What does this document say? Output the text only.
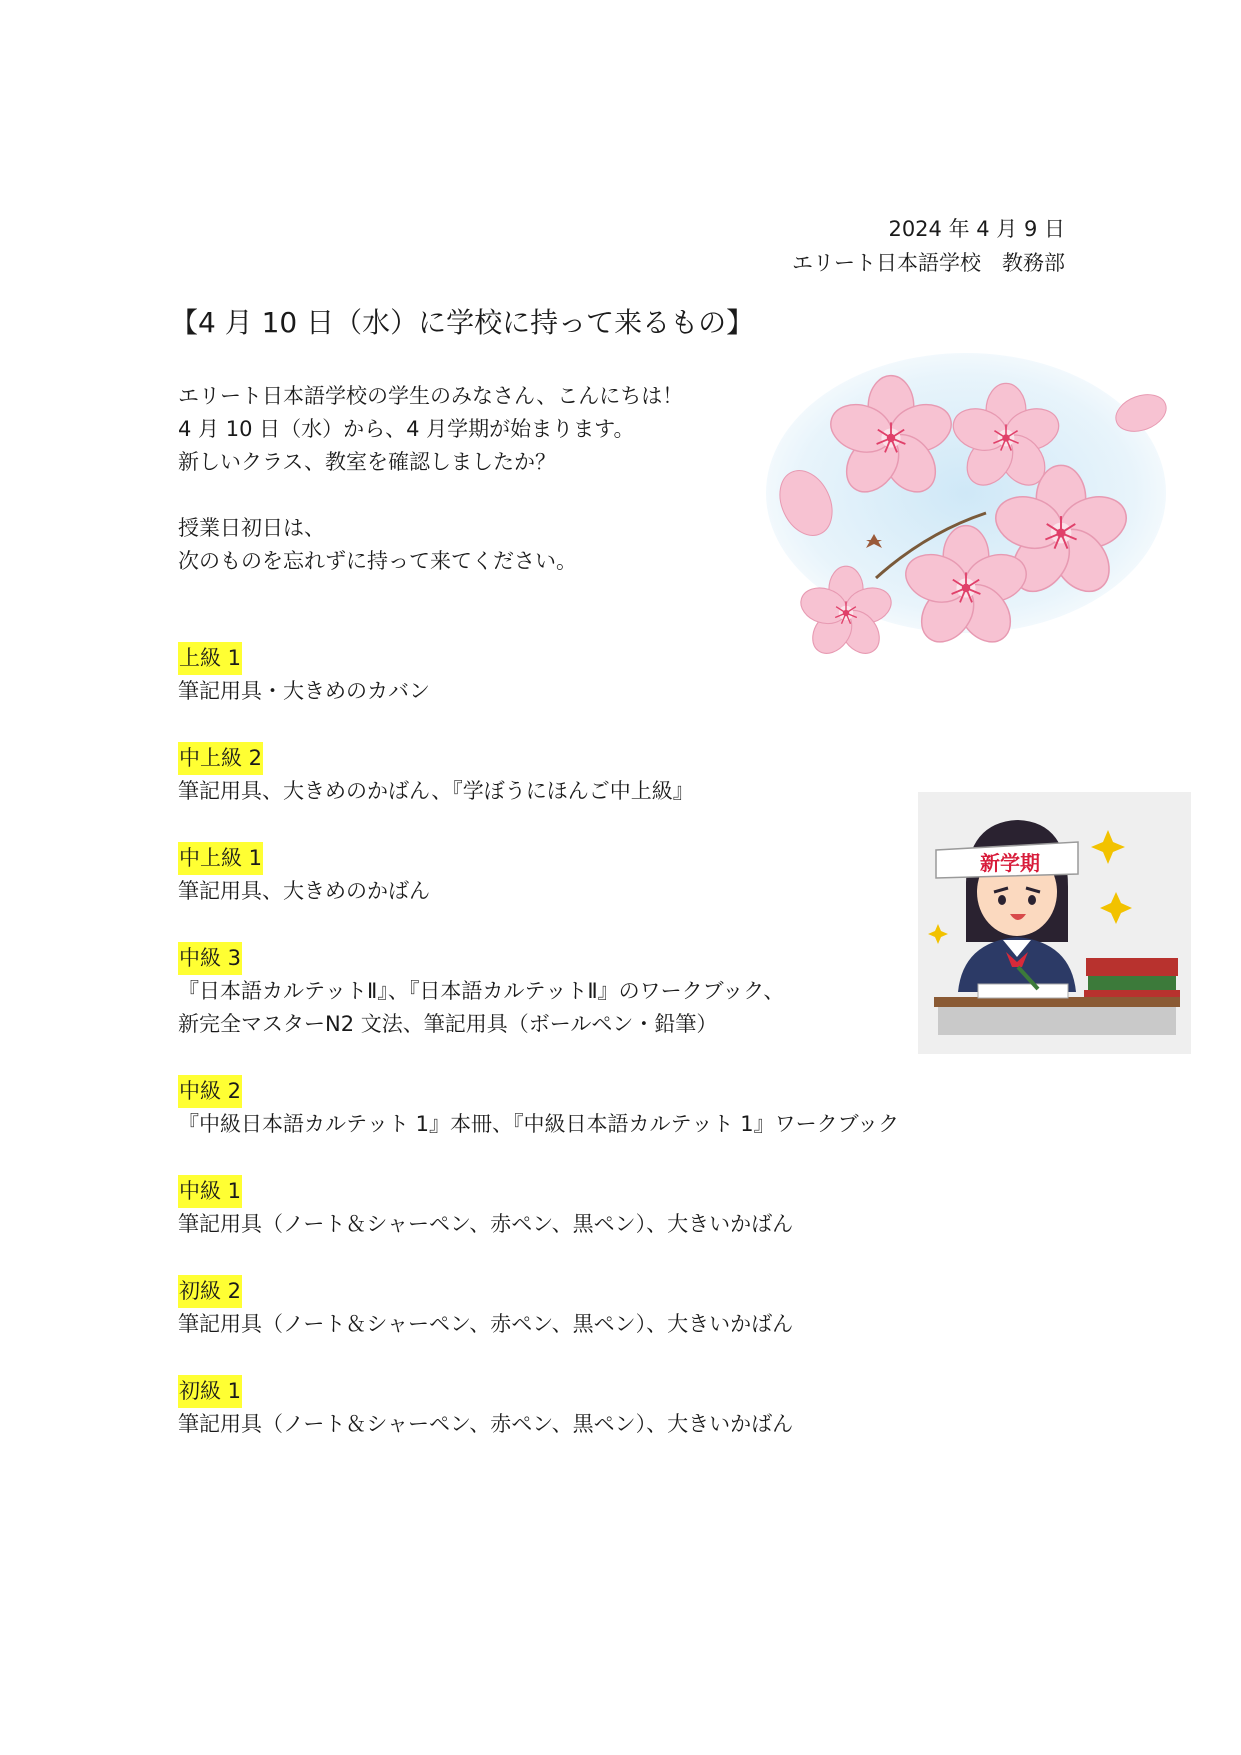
2024 年 4 月 9 日
エリート日本語学校　教務部
【4 月 10 日（水）に学校に持って来るもの】
エリート日本語学校の学生のみなさん、こんにちは！
4 月 10 日（水）から、4 月学期が始まります。
新しいクラス、教室を確認しましたか？
授業日初日は、
次のものを忘れずに持って来てください。
上級 1
筆記用具・大きめのカバン
中上級 2
筆記用具、大きめのかばん、『学ぼうにほんご中上級』
中上級 1
筆記用具、大きめのかばん
中級 3
『日本語カルテットⅡ』、『日本語カルテットⅡ』のワークブック、
新完全マスターN2 文法、筆記用具（ボールペン・鉛筆）
中級 2
『中級日本語カルテット 1』本冊、『中級日本語カルテット 1』ワークブック
中級 1
筆記用具（ノート＆シャーペン、赤ペン、黒ペン）、大きいかばん
初級 2
筆記用具（ノート＆シャーペン、赤ペン、黒ペン）、大きいかばん
初級 1
筆記用具（ノート＆シャーペン、赤ペン、黒ペン）、大きいかばん
新学期
